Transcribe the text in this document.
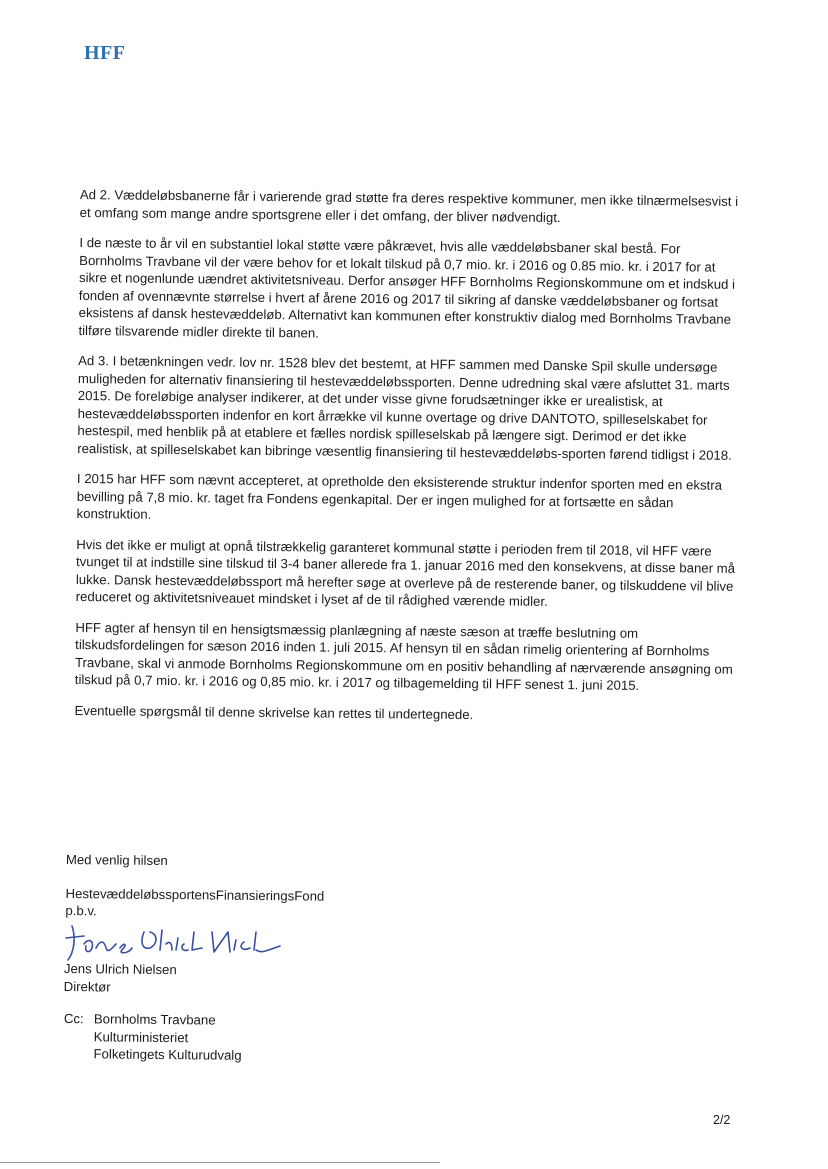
HFF

Ad 2. Væddeløbsbanerne får i varierende grad støtte fra deres respektive kommuner, men ikke tilnærmelsesvist i et omfang som mange andre sportsgrene eller i det omfang, der bliver nødvendigt.

I de næste to år vil en substantiel lokal støtte være påkrævet, hvis alle væddeløbsbaner skal bestå. For Bornholms Travbane vil der være behov for et lokalt tilskud på 0,7 mio. kr. i 2016 og 0.85 mio. kr. i 2017 for at sikre et nogenlunde uændret aktivitetsniveau. Derfor ansøger HFF Bornholms Regionskommune om et indskud i fonden af ovennævnte størrelse i hvert af årene 2016 og 2017 til sikring af danske væddeløbsbaner og fortsat eksistens af dansk hestevæddeløb. Alternativt kan kommunen efter konstruktiv dialog med Bornholms Travbane tilføre tilsvarende midler direkte til banen.

Ad 3. I betænkningen vedr. lov nr. 1528 blev det bestemt, at HFF sammen med Danske Spil skulle undersøge muligheden for alternativ finansiering til hestevæddeløbssporten. Denne udredning skal være afsluttet 31. marts 2015. De foreløbige analyser indikerer, at det under visse givne forudsætninger ikke er urealistisk, at hestevæddeløbssporten indenfor en kort årrække vil kunne overtage og drive DANTOTO, spilleselskabet for hestespil, med henblik på at etablere et fælles nordisk spilleselskab på længere sigt. Derimod er det ikke realistisk, at spilleselskabet kan bibringe væsentlig finansiering til hestevæddeløbs-sporten førend tidligst i 2018.

I 2015 har HFF som nævnt accepteret, at opretholde den eksisterende struktur indenfor sporten med en ekstra bevilling på 7,8 mio. kr. taget fra Fondens egenkapital. Der er ingen mulighed for at fortsætte en sådan konstruktion.

Hvis det ikke er muligt at opnå tilstrækkelig garanteret kommunal støtte i perioden frem til 2018, vil HFF være tvunget til at indstille sine tilskud til 3-4 baner allerede fra 1. januar 2016 med den konsekvens, at disse baner må lukke. Dansk hestevæddeløbssport må herefter søge at overleve på de resterende baner, og tilskuddene vil blive reduceret og aktivitetsniveauet mindsket i lyset af de til rådighed værende midler.

HFF agter af hensyn til en hensigtsmæssig planlægning af næste sæson at træffe beslutning om tilskudsfordelingen for sæson 2016 inden 1. juli 2015. Af hensyn til en sådan rimelig orientering af Bornholms Travbane, skal vi anmode Bornholms Regionskommune om en positiv behandling af nærværende ansøgning om tilskud på 0,7 mio. kr. i 2016 og 0,85 mio. kr. i 2017 og tilbagemelding til HFF senest 1. juni 2015.

Eventuelle spørgsmål til denne skrivelse kan rettes til undertegnede.

Med venlig hilsen
HestevæddeløbssportensFinansieringsFond
p.b.v.
Jens Ulrich Nielsen
Direktør
Cc: Bornholms Travbane
Kulturministeriet
Folketingets Kulturudvalg
2/2
